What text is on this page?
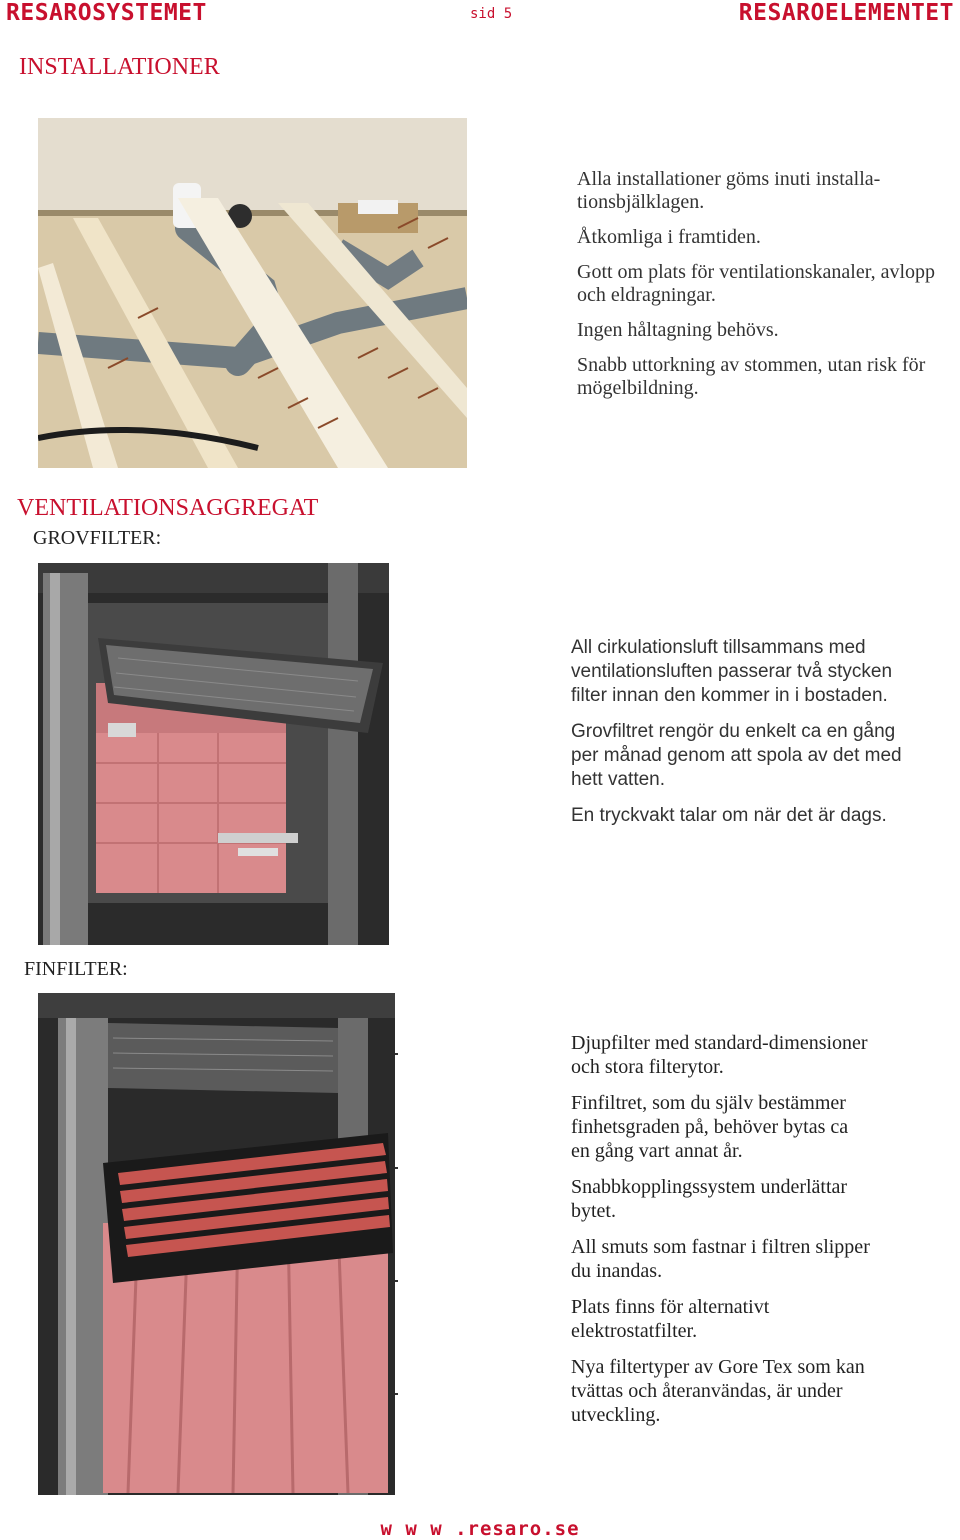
RESAROSYSTEMET	sid 5	RESAROELEMENTET
INSTALLATIONER

Alla installationer göms inuti installa-tionsbjälklagen.

Åtkomliga i framtiden.

Gott om plats för ventilationskanaler, avlopp och eldragningar.

Ingen håltagning behövs.

Snabb uttorkning av stommen, utan risk för mögelbildning.

VENTILATIONSAGGREGAT
GROVFILTER:

All cirkulationsluft tillsammans med ventilationsluften passerar två stycken filter innan den kommer in i bostaden.

Grovfiltret rengör du enkelt ca en gång per månad genom att spola av det med hett vatten.

En tryckvakt talar om när det är dags.

FINFILTER:

Djupfilter med standard-dimensioner och stora filterytor.

Finfiltret, som du själv bestämmer finhetsgraden på, behöver bytas ca en gång vart annat år.

Snabbkopplingssystem underlättar bytet.

All smuts som fastnar i filtren slipper du inandas.

Plats finns för alternativt elektrostatfilter.

Nya filtertyper av Gore Tex som kan tvättas och återanvändas, är under utveckling.

w w w .resaro.se
